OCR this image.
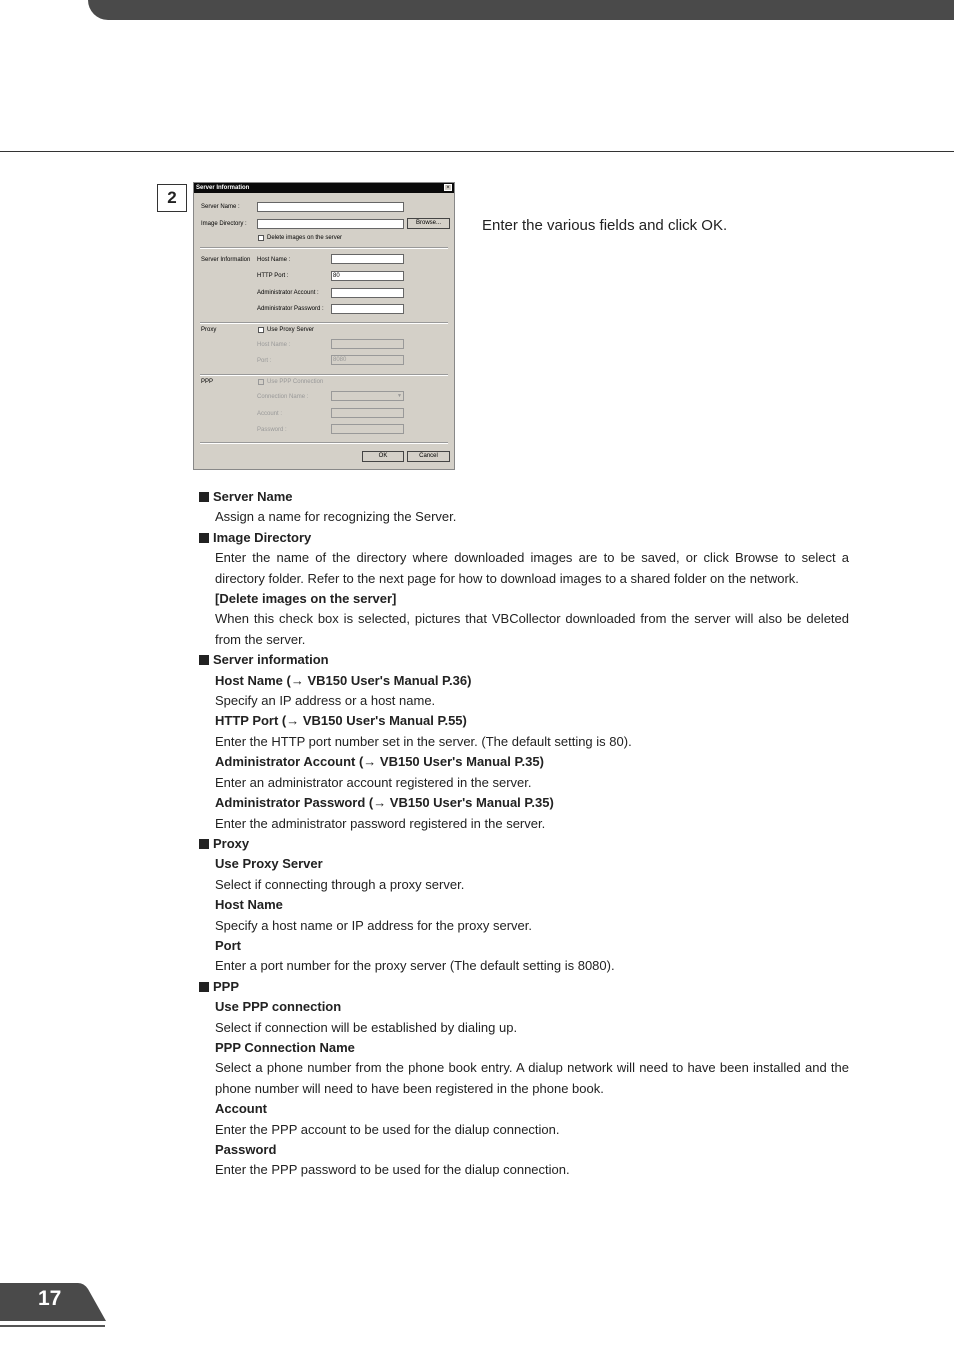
2
Enter the various fields and click OK.
Server Information	×
Server Name :
Image Directory :	Browse...
Delete images on the server
Server Information Host Name :
HTTP Port :	80
Administrator Account :
Administrator Password :
Proxy	Use Proxy Server
Host Name :
Port :	8080
PPP	Use PPP Connection
Connection Name :	▼
Account :
Password :
OK	Cancel

Server Name

Assign a name for recognizing the Server.

Image Directory

Enter the name of the directory where downloaded images are to be saved, or click Browse to select a directory folder. Refer to the next page for how to download images to a shared folder on the network.

[Delete images on the server]

When this check box is selected, pictures that VBCollector downloaded from the server will also be deleted from the server.

Server information

Host Name (→ VB150 User's Manual P.36)

Specify an IP address or a host name.

HTTP Port (→ VB150 User's Manual P.55)

Enter the HTTP port number set in the server. (The default setting is 80).

Administrator Account (→ VB150 User's Manual P.35)

Enter an administrator account registered in the server.

Administrator Password (→ VB150 User's Manual P.35)

Enter the administrator password registered in the server.

Proxy

Use Proxy Server

Select if connecting through a proxy server.

Host Name

Specify a host name or IP address for the proxy server.

Port

Enter a port number for the proxy server (The default setting is 8080).

PPP

Use PPP connection

Select if connection will be established by dialing up.

PPP Connection Name

Select a phone number from the phone book entry. A dialup network will need to have been installed and the phone number will need to have been registered in the phone book.

Account

Enter the PPP account to be used for the dialup connection.

Password

Enter the PPP password to be used for the dialup connection.

17
